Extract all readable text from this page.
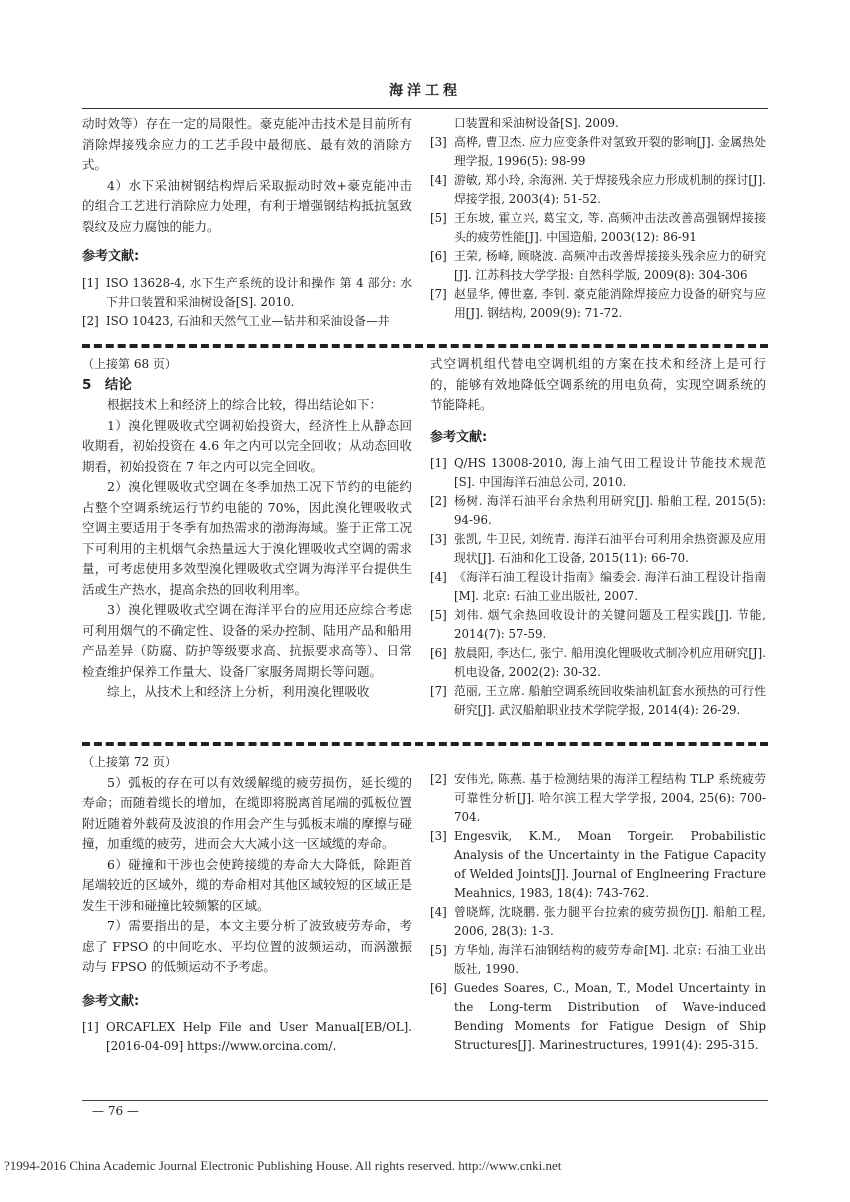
海洋工程

动时效等）存在一定的局限性。豪克能冲击技术是目前所有消除焊接残余应力的工艺手段中最彻底、最有效的消除方式。

4）水下采油树钢结构焊后采取振动时效+豪克能冲击的组合工艺进行消除应力处理，有利于增强钢结构抵抗氢致裂纹及应力腐蚀的能力。

参考文献:
[1] ISO 13628-4, 水下生产系统的设计和操作 第 4 部分: 水下井口装置和采油树设备[S]. 2010.
[2] ISO 10423, 石油和天然气工业—钻井和采油设备—井
口装置和采油树设备[S]. 2009.
[3] 高桦, 曹卫杰. 应力应变条件对氢致开裂的影响[J]. 金属热处理学报, 1996(5): 98-99
[4] 游敏, 郑小玲, 余海洲. 关于焊接残余应力形成机制的探讨[J]. 焊接学报, 2003(4): 51-52.
[5] 王东坡, 霍立兴, 葛宝文, 等. 高频冲击法改善高强钢焊接接头的疲劳性能[J]. 中国造船, 2003(12): 86-91
[6] 王荣, 杨峰, 顾晓波. 高频冲击改善焊接接头残余应力的研究[J]. 江苏科技大学学报: 自然科学版, 2009(8): 304-306
[7] 赵显华, 傅世嘉, 李钊. 豪克能消除焊接应力设备的研究与应用[J]. 钢结构, 2009(9): 71-72.

（上接第 68 页）

5　结论

根据技术上和经济上的综合比较，得出结论如下：

1）溴化锂吸收式空调初始投资大，经济性上从静态回收期看，初始投资在 4.6 年之内可以完全回收；从动态回收期看，初始投资在 7 年之内可以完全回收。

2）溴化锂吸收式空调在冬季加热工况下节约的电能约占整个空调系统运行节约电能的 70%，因此溴化锂吸收式空调主要适用于冬季有加热需求的渤海海域。鉴于正常工况下可利用的主机烟气余热量远大于溴化锂吸收式空调的需求量，可考虑使用多效型溴化锂吸收式空调为海洋平台提供生活或生产热水，提高余热的回收利用率。

3）溴化锂吸收式空调在海洋平台的应用还应综合考虑可利用烟气的不确定性、设备的采办控制、陆用产品和船用产品差异（防腐、防护等级要求高、抗振要求高等）、日常检查维护保养工作量大、设备厂家服务周期长等问题。

综上，从技术上和经济上分析，利用溴化锂吸收

式空调机组代替电空调机组的方案在技术和经济上是可行的，能够有效地降低空调系统的用电负荷，实现空调系统的节能降耗。

参考文献:
[1] Q/HS 13008-2010, 海上油气田工程设计节能技术规范[S]. 中国海洋石油总公司, 2010.
[2] 杨树. 海洋石油平台余热利用研究[J]. 船舶工程, 2015(5): 94-96.
[3] 张凯, 牛卫民, 刘统青. 海洋石油平台可利用余热资源及应用现状[J]. 石油和化工设备, 2015(11): 66-70.
[4] 《海洋石油工程设计指南》编委会. 海洋石油工程设计指南[M]. 北京: 石油工业出版社, 2007.
[5] 刘伟. 烟气余热回收设计的关键问题及工程实践[J]. 节能, 2014(7): 57-59.
[6] 敖晨阳, 李达仁, 张宁. 船用溴化锂吸收式制冷机应用研究[J]. 机电设备, 2002(2): 30-32.
[7] 范丽, 王立席. 船舶空调系统回收柴油机缸套水预热的可行性研究[J]. 武汉船舶职业技术学院学报, 2014(4): 26-29.

（上接第 72 页）

5）弧板的存在可以有效缓解缆的疲劳损伤，延长缆的寿命；而随着缆长的增加，在缆即将脱离首尾端的弧板位置附近随着外载荷及波浪的作用会产生与弧板末端的摩擦与碰撞，加重缆的疲劳，进而会大大减小这一区域缆的寿命。

6）碰撞和干涉也会使跨接缆的寿命大大降低，除距首尾端较近的区域外，缆的寿命相对其他区域较短的区域正是发生干涉和碰撞比较频繁的区域。

7）需要指出的是，本文主要分析了波致疲劳寿命，考虑了 FPSO 的中间吃水、平均位置的波频运动，而涡激振动与 FPSO 的低频运动不予考虑。

参考文献:
[1] ORCAFLEX Help File and User Manual[EB/OL]. [2016-04-09] https://www.orcina.com/.
[2] 安伟光, 陈燕. 基于检测结果的海洋工程结构 TLP 系统疲劳可靠性分析[J]. 哈尔滨工程大学学报, 2004, 25(6): 700-704.
[3] Engesvik, K.M., Moan Torgeir. Probabilistic Analysis of the Uncertainty in the Fatigue Capacity of Welded Joints[J]. Journal of Englneering Fracture Meahnics, 1983, 18(4): 743-762.
[4] 曾晓辉, 沈晓鹏. 张力腿平台拉索的疲劳损伤[J]. 船舶工程, 2006, 28(3): 1-3.
[5] 方华灿, 海洋石油钢结构的疲劳寿命[M]. 北京: 石油工业出版社, 1990.
[6] Guedes Soares, C., Moan, T., Model Uncertainty in the Long-term Distribution of Wave-induced Bending Moments for Fatigue Design of Ship Structures[J]. Marinestructures, 1991(4): 295-315.
— 76 —
?1994-2016 China Academic Journal Electronic Publishing House. All rights reserved. http://www.cnki.net
